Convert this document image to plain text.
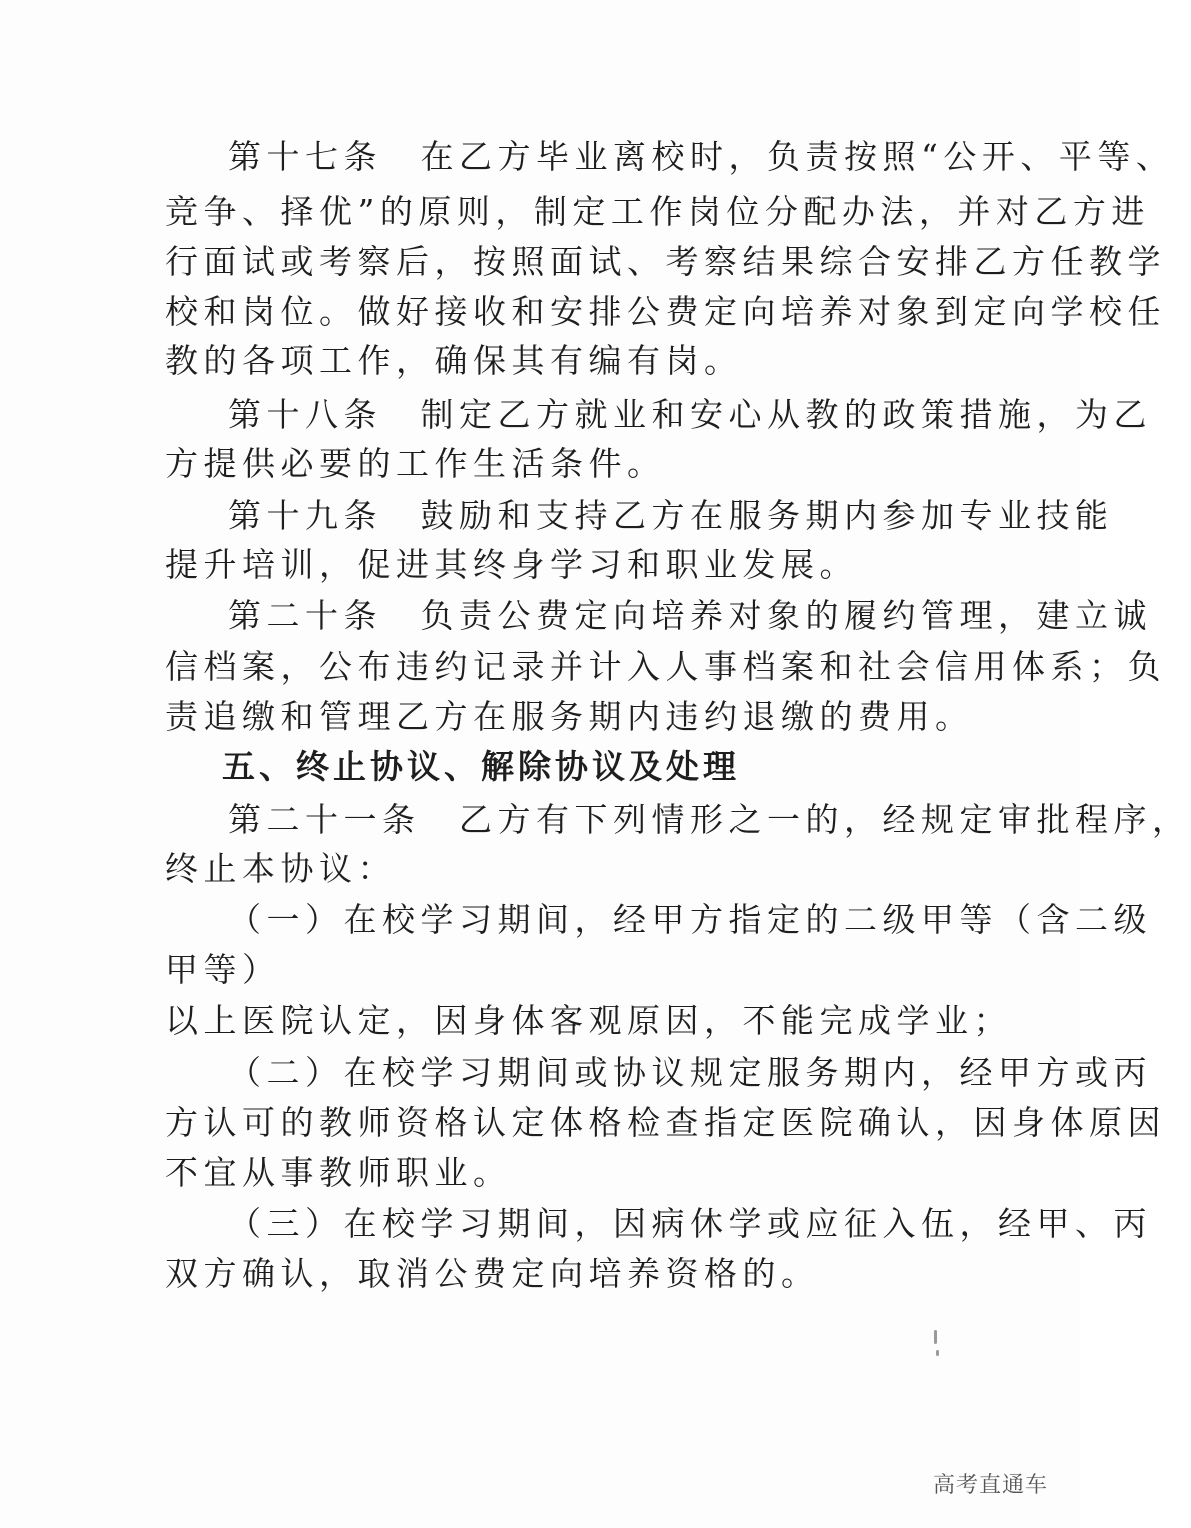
第十七条　在乙方毕业离校时，负责按照“公开、平等、
竞争、择优”的原则，制定工作岗位分配办法，并对乙方进
行面试或考察后，按照面试、考察结果综合安排乙方任教学
校和岗位。做好接收和安排公费定向培养对象到定向学校任
教的各项工作，确保其有编有岗。
第十八条　制定乙方就业和安心从教的政策措施，为乙
方提供必要的工作生活条件。
第十九条　鼓励和支持乙方在服务期内参加专业技能
提升培训，促进其终身学习和职业发展。
第二十条　负责公费定向培养对象的履约管理，建立诚
信档案，公布违约记录并计入人事档案和社会信用体系；负
责追缴和管理乙方在服务期内违约退缴的费用。
五、终止协议、解除协议及处理
第二十一条　乙方有下列情形之一的，经规定审批程序，
终止本协议：
（一）在校学习期间，经甲方指定的二级甲等（含二级
甲等）
以上医院认定，因身体客观原因，不能完成学业；
（二）在校学习期间或协议规定服务期内，经甲方或丙
方认可的教师资格认定体格检查指定医院确认，因身体原因
不宜从事教师职业。
（三）在校学习期间，因病休学或应征入伍，经甲、丙
双方确认，取消公费定向培养资格的。
高考直通车
